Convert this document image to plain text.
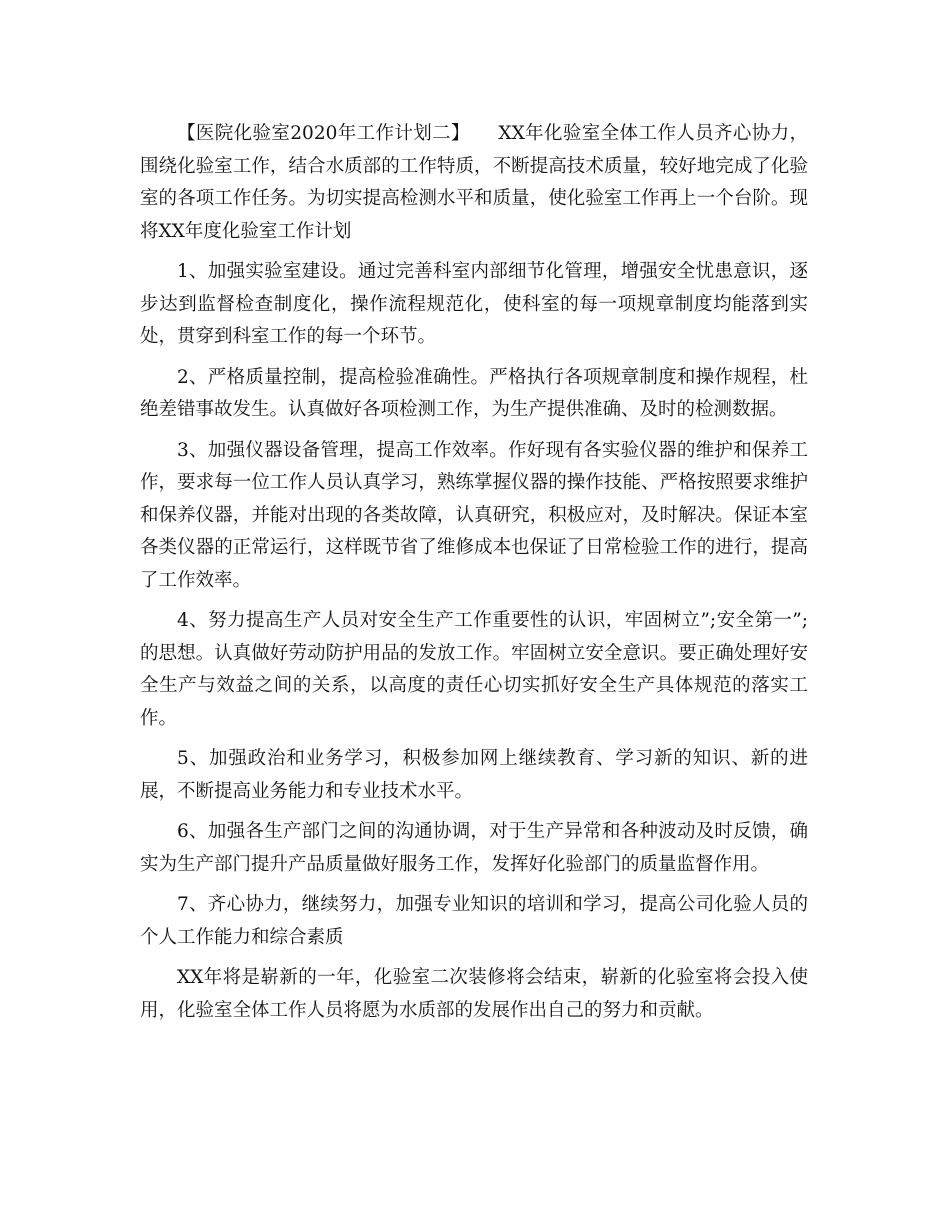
【医院化验室2020年工作计划二】　　XX年化验室全体工作人员齐心协力，围绕化验室工作，结合水质部的工作特质，不断提高技术质量，较好地完成了化验室的各项工作任务。为切实提高检测水平和质量，使化验室工作再上一个台阶。现将XX年度化验室工作计划

1、加强实验室建设。通过完善科室内部细节化管理，增强安全忧患意识，逐步达到监督检查制度化，操作流程规范化，使科室的每一项规章制度均能落到实处，贯穿到科室工作的每一个环节。

2、严格质量控制，提高检验准确性。严格执行各项规章制度和操作规程，杜绝差错事故发生。认真做好各项检测工作，为生产提供准确、及时的检测数据。

3、加强仪器设备管理，提高工作效率。作好现有各实验仪器的维护和保养工作，要求每一位工作人员认真学习，熟练掌握仪器的操作技能、严格按照要求维护和保养仪器，并能对出现的各类故障，认真研究，积极应对，及时解决。保证本室各类仪器的正常运行，这样既节省了维修成本也保证了日常检验工作的进行，提高了工作效率。

4、努力提高生产人员对安全生产工作重要性的认识，牢固树立”;安全第一”;的思想。认真做好劳动防护用品的发放工作。牢固树立安全意识。要正确处理好安全生产与效益之间的关系，以高度的责任心切实抓好安全生产具体规范的落实工作。

5、加强政治和业务学习，积极参加网上继续教育、学习新的知识、新的进展，不断提高业务能力和专业技术水平。

6、加强各生产部门之间的沟通协调，对于生产异常和各种波动及时反馈，确实为生产部门提升产品质量做好服务工作，发挥好化验部门的质量监督作用。

7、齐心协力，继续努力，加强专业知识的培训和学习，提高公司化验人员的个人工作能力和综合素质

XX年将是崭新的一年，化验室二次装修将会结束，崭新的化验室将会投入使用，化验室全体工作人员将愿为水质部的发展作出自己的努力和贡献。
